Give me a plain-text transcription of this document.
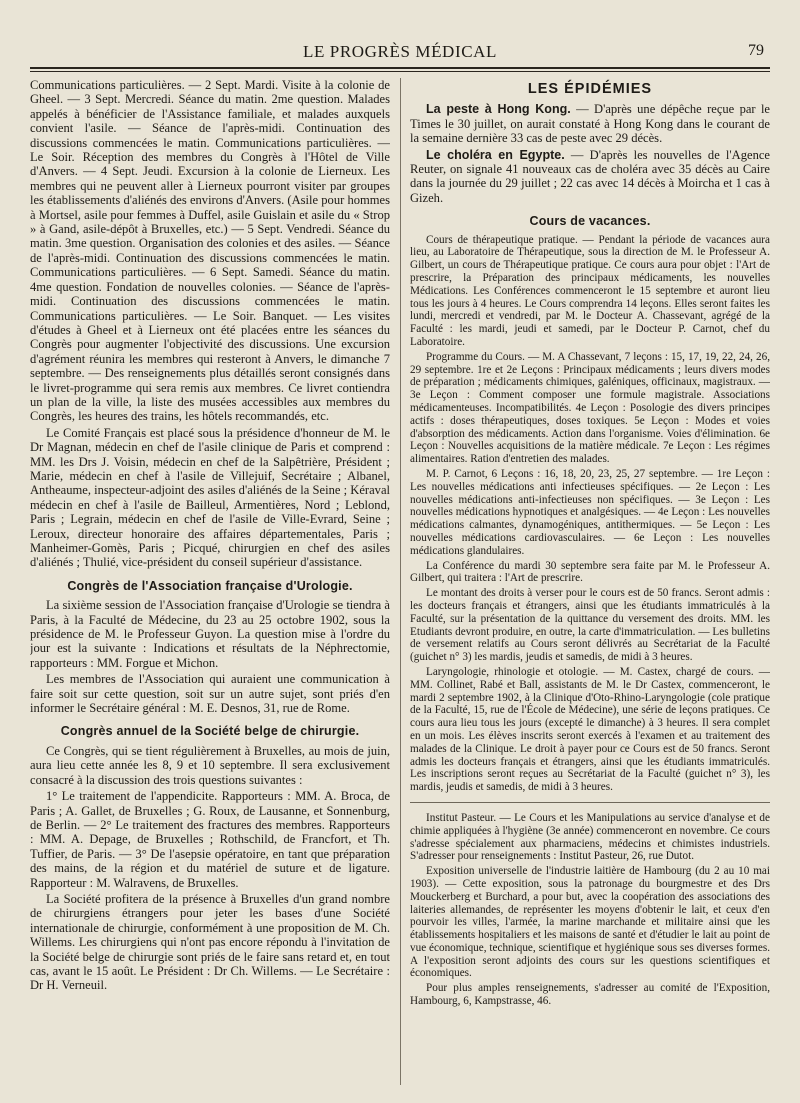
LE PROGRÈS MÉDICAL	79

Communications particulières. — 2 Sept. Mardi. Visite à la colonie de Gheel. — 3 Sept. Mercredi. Séance du matin. 2me question. Malades appelés à bénéficier de l'Assistance familiale, et malades auxquels convient l'asile. — Séance de l'après-midi. Continuation des discussions commencées le matin. Communications particulières. — Le Soir. Réception des membres du Congrès à l'Hôtel de Ville d'Anvers. — 4 Sept. Jeudi. Excursion à la colonie de Lierneux. Les membres qui ne peuvent aller à Lierneux pourront visiter par groupes les établissements d'aliénés des environs d'Anvers. (Asile pour hommes à Mortsel, asile pour femmes à Duffel, asile Guislain et asile du « Strop » à Gand, asile-dépôt à Bruxelles, etc.) — 5 Sept. Vendredi. Séance du matin. 3me question. Organisation des colonies et des asiles. — Séance de l'après-midi. Continuation des discussions commencées le matin. Communications particulières. — 6 Sept. Samedi. Séance du matin. 4me question. Fondation de nouvelles colonies. — Séance de l'après-midi. Continuation des discussions commencées le matin. Communications particulières. — Le Soir. Banquet. — Les visites d'études à Gheel et à Lierneux ont été placées entre les séances du Congrès pour augmenter l'objectivité des discussions. Une excursion d'agrément réunira les membres qui resteront à Anvers, le dimanche 7 septembre. — Des renseignements plus détaillés seront consignés dans le livret-programme qui sera remis aux membres. Ce livret contiendra un plan de la ville, la liste des musées accessibles aux membres du Congrès, les heures des trains, les hôtels recommandés, etc.

Le Comité Français est placé sous la présidence d'honneur de M. le Dr Magnan, médecin en chef de l'asile clinique de Paris et comprend : MM. les Drs J. Voisin, médecin en chef de la Salpêtrière, Président ; Marie, médecin en chef à l'asile de Villejuif, Secrétaire ; Albanel, Antheaume, inspecteur-adjoint des asiles d'aliénés de la Seine ; Kéraval médecin en chef à l'asile de Bailleul, Armentières, Nord ; Leblond, Paris ; Legrain, médecin en chef de l'asile de Ville-Evrard, Seine ; Leroux, directeur honoraire des affaires départementales, Paris ; Manheimer-Gomès, Paris ; Picqué, chirurgien en chef des asiles d'aliénés ; Thulié, vice-président du conseil supérieur d'assistance.

Congrès de l'Association française d'Urologie.

La sixième session de l'Association française d'Urologie se tiendra à Paris, à la Faculté de Médecine, du 23 au 25 octobre 1902, sous la présidence de M. le Professeur Guyon. La question mise à l'ordre du jour est la suivante : Indications et résultats de la Néphrectomie, rapporteurs : MM. Forgue et Michon.

Les membres de l'Association qui auraient une communication à faire soit sur cette question, soit sur un autre sujet, sont priés d'en informer le Secrétaire général : M. E. Desnos, 31, rue de Rome.

Congrès annuel de la Société belge de chirurgie.

Ce Congrès, qui se tient régulièrement à Bruxelles, au mois de juin, aura lieu cette année les 8, 9 et 10 septembre. Il sera exclusivement consacré à la discussion des trois questions suivantes :

1° Le traitement de l'appendicite. Rapporteurs : MM. A. Broca, de Paris ; A. Gallet, de Bruxelles ; G. Roux, de Lausanne, et Sonnenburg, de Berlin. — 2° Le traitement des fractures des membres. Rapporteurs : MM. A. Depage, de Bruxelles ; Rothschild, de Francfort, et Th. Tuffier, de Paris. — 3° De l'asepsie opératoire, en tant que préparation des mains, de la région et du matériel de suture et de ligature. Rapporteur : M. Walravens, de Bruxelles.

La Société profitera de la présence à Bruxelles d'un grand nombre de chirurgiens étrangers pour jeter les bases d'une Société internationale de chirurgie, conformément à une proposition de M. Ch. Willems. Les chirurgiens qui n'ont pas encore répondu à l'invitation de la Société belge de chirurgie sont priés de le faire sans retard et, en tout cas, avant le 15 août. Le Président : Dr Ch. Willems. — Le Secrétaire : Dr H. Verneuil.

LES ÉPIDÉMIES

La peste à Hong Kong. — D'après une dépêche reçue par le Times le 30 juillet, on aurait constaté à Hong Kong dans le courant de la semaine dernière 33 cas de peste avec 29 décès.

Le choléra en Egypte. — D'après les nouvelles de l'Agence Reuter, on signale 41 nouveaux cas de choléra avec 35 décès au Caire dans la journée du 29 juillet ; 22 cas avec 14 décès à Moircha et 1 cas à Gizeh.

Cours de vacances.

Cours de thérapeutique pratique. — Pendant la période de vacances aura lieu, au Laboratoire de Thérapeutique, sous la direction de M. le Professeur A. Gilbert, un cours de Thérapeutique pratique. Ce cours aura pour objet : l'Art de prescrire, la Préparation des principaux médicaments, les nouvelles Médications. Les Conférences commenceront le 15 septembre et auront lieu tous les jours à 4 heures. Le Cours comprendra 14 leçons. Elles seront faites les lundi, mercredi et vendredi, par M. le Docteur A. Chassevant, agrégé de la Faculté : les mardi, jeudi et samedi, par le Docteur P. Carnot, chef du Laboratoire.

Programme du Cours. — M. A Chassevant, 7 leçons : 15, 17, 19, 22, 24, 26, 29 septembre. 1re et 2e Leçons : Principaux médicaments ; leurs divers modes de préparation ; médicaments chimiques, galéniques, officinaux, magistraux. — 3e Leçon : Comment composer une formule magistrale. Associations médicamenteuses. Incompatibilités. 4e Leçon : Posologie des divers principes actifs : doses thérapeutiques, doses toxiques. 5e Leçon : Modes et voies d'absorption des médicaments. Action dans l'organisme. Voies d'élimination. 6e Leçon : Nouvelles acquisitions de la matière médicale. 7e Leçon : Les régimes alimentaires. Ration d'entretien des malades.

M. P. Carnot, 6 Leçons : 16, 18, 20, 23, 25, 27 septembre. — 1re Leçon : Les nouvelles médications anti infectieuses spécifiques. — 2e Leçon : Les nouvelles médications anti-infectieuses non spécifiques. — 3e Leçon : Les nouvelles médications hypnotiques et analgésiques. — 4e Leçon : Les nouvelles médications calmantes, dynamogéniques, antithermiques. — 5e Leçon : Les nouvelles médications cardiovasculaires. — 6e Leçon : Les nouvelles médications glandulaires.

La Conférence du mardi 30 septembre sera faite par M. le Professeur A. Gilbert, qui traitera : l'Art de prescrire.

Le montant des droits à verser pour le cours est de 50 francs. Seront admis : les docteurs français et étrangers, ainsi que les étudiants immatriculés à la Faculté, sur la présentation de la quittance du versement des droits. MM. les Etudiants devront produire, en outre, la carte d'immatriculation. — Les bulletins de versement relatifs au Cours seront délivrés au Secrétariat de la Faculté (guichet n° 3) les mardis, jeudis et samedis, de midi à 3 heures.

Laryngologie, rhinologie et otologie. — M. Castex, chargé de cours. — MM. Collinet, Rabé et Ball, assistants de M. le Dr Castex, commenceront, le mardi 2 septembre 1902, à la Clinique d'Oto-Rhino-Laryngologie (cole pratique de la Faculté, 15, rue de l'École de Médecine), une série de leçons pratiques. Ce cours aura lieu tous les jours (excepté le dimanche) à 3 heures. Il sera complet en un mois. Les élèves inscrits seront exercés à l'examen et au traitement des malades de la Clinique. Le droit à payer pour ce Cours est de 50 francs. Seront admis les docteurs français et étrangers, ainsi que les étudiants immatriculés. Les inscriptions seront reçues au Secrétariat de la Faculté (guichet n° 3), les mardis, jeudis et samedis, de midi à 3 heures.

Institut Pasteur. — Le Cours et les Manipulations au service d'analyse et de chimie appliquées à l'hygiène (3e année) commenceront en novembre. Ce cours s'adresse spécialement aux pharmaciens, médecins et chimistes industriels. S'adresser pour renseignements : Institut Pasteur, 26, rue Dutot.

Exposition universelle de l'industrie laitière de Hambourg (du 2 au 10 mai 1903). — Cette exposition, sous la patronage du bourgmestre et des Drs Mouckerberg et Burchard, a pour but, avec la coopération des associations des laiteries allemandes, de représenter les moyens d'obtenir le lait, et ceux d'en pourvoir les villes, l'armée, la marine marchande et militaire ainsi que les établissements hospitaliers et les maisons de santé et d'étudier le lait au point de vue économique, technique, scientifique et hygiénique sous ses diverses formes. A l'exposition seront adjoints des cours sur les questions scientifiques et économiques.

Pour plus amples renseignements, s'adresser au comité de l'Exposition, Hambourg, 6, Kampstrasse, 46.
